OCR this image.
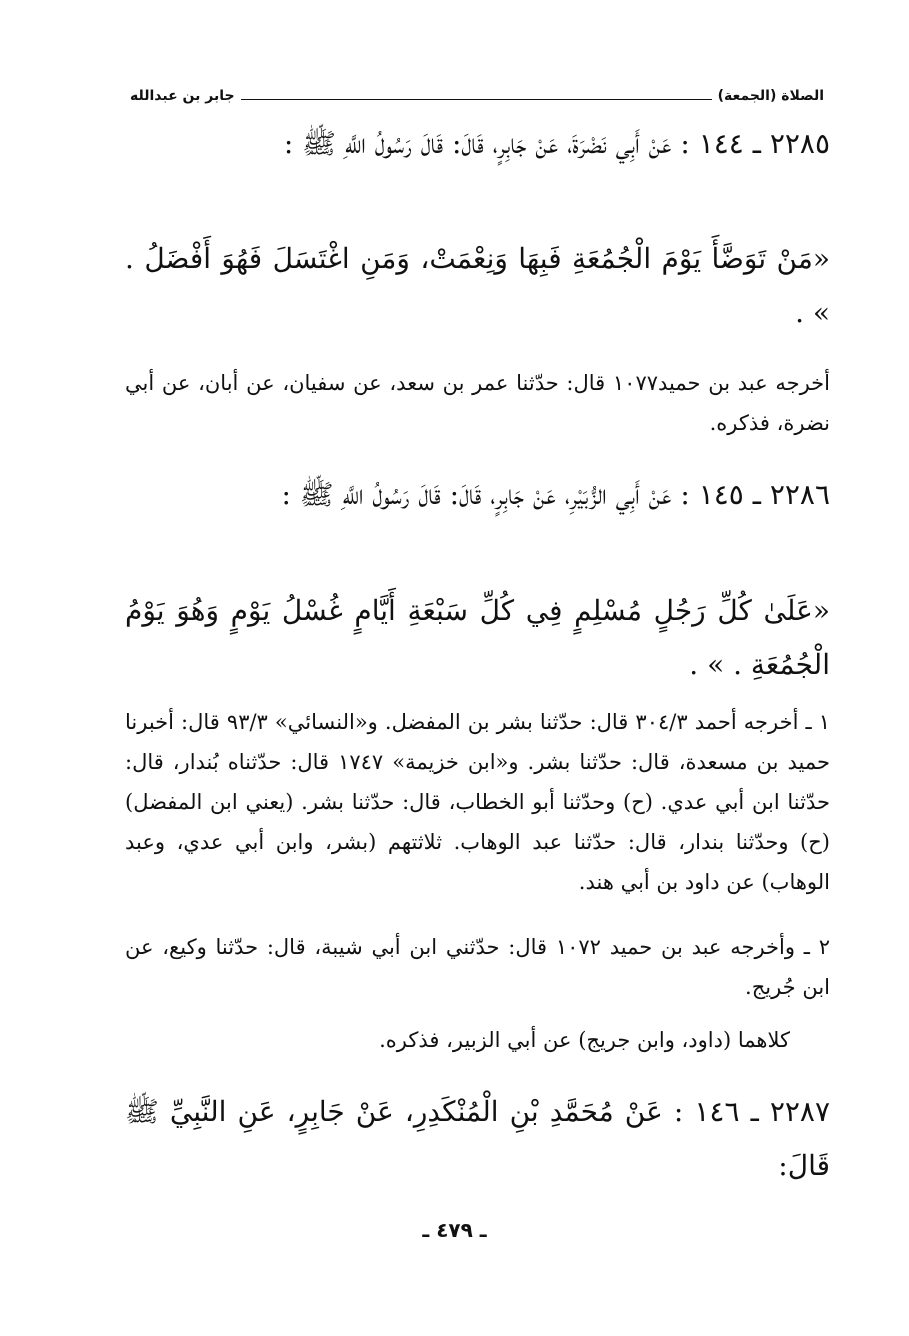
الصلاة (الجمعة)
جابر بن عبدالله
٢٢٨٥ ـ ١٤٤ : عَنْ أَبِي نَضْرَةَ، عَنْ جَابِرٍ، قَالَ: قَالَ رَسُولُ اللَّهِ ﷺ :
«مَنْ تَوَضَّأَ يَوْمَ الْجُمُعَةِ فَبِهَا وَنِعْمَتْ، وَمَنِ اغْتَسَلَ فَهُوَ أَفْضَلُ . » .
أخرجه عبد بن حميد١٠٧٧ قال: حدّثنا عمر بن سعد، عن سفيان، عن أبان، عن أبي نضرة، فذكره.
٢٢٨٦ ـ ١٤٥ : عَنْ أَبِي الزُّبَيْرِ، عَنْ جَابِرٍ، قَالَ: قَالَ رَسُولُ اللَّهِ ﷺ :
«عَلَىٰ كُلِّ رَجُلٍ مُسْلِمٍ فِي كُلِّ سَبْعَةِ أَيَّامٍ غُسْلُ يَوْمٍ وَهُوَ يَوْمُ الْجُمُعَةِ . » .
١ ـ أخرجه أحمد ٣٠٤/٣ قال: حدّثنا بشر بن المفضل. و«النسائي» ٩٣/٣ قال: أخبرنا حميد بن مسعدة، قال: حدّثنا بشر. و«ابن خزيمة» ١٧٤٧ قال: حدّثناه بُندار، قال: حدّثنا ابن أبي عدي. (ح) وحدّثنا أبو الخطاب، قال: حدّثنا بشر. (يعني ابن المفضل) (ح) وحدّثنا بندار، قال: حدّثنا عبد الوهاب. ثلاثتهم (بشر، وابن أبي عدي، وعبد الوهاب) عن داود بن أبي هند.
٢ ـ وأخرجه عبد بن حميد ١٠٧٢ قال: حدّثني ابن أبي شيبة، قال: حدّثنا وكيع، عن ابن جُريج.
كلاهما (داود، وابن جريج) عن أبي الزبير، فذكره.
٢٢٨٧ ـ ١٤٦ : عَنْ مُحَمَّدِ بْنِ الْمُنْكَدِرِ، عَنْ جَابِرٍ، عَنِ النَّبِيِّ ﷺ قَالَ:
ـ ٤٧٩ ـ
